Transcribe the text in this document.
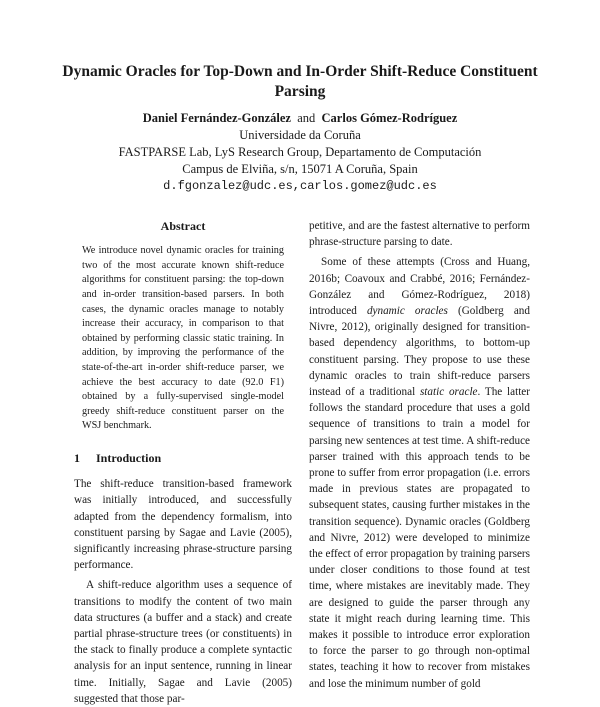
Dynamic Oracles for Top-Down and In-Order Shift-Reduce Constituent
Parsing
Daniel Fernández-González and Carlos Gómez-Rodríguez
Universidade da Coruña
FASTPARSE Lab, LyS Research Group, Departamento de Computación
Campus de Elviña, s/n, 15071 A Coruña, Spain
d.fgonzalez@udc.es,carlos.gomez@udc.es
Abstract
We introduce novel dynamic oracles for training two of the most accurate known shift-reduce algorithms for constituent parsing: the top-down and in-order transition-based parsers. In both cases, the dynamic oracles manage to notably increase their accuracy, in comparison to that obtained by performing classic static training. In addition, by improving the performance of the state-of-the-art in-order shift-reduce parser, we achieve the best accuracy to date (92.0 F1) obtained by a fully-supervised single-model greedy shift-reduce constituent parser on the WSJ benchmark.
1 Introduction

The shift-reduce transition-based framework was initially introduced, and successfully adapted from the dependency formalism, into constituent parsing by Sagae and Lavie (2005), significantly increasing phrase-structure parsing performance.

A shift-reduce algorithm uses a sequence of transitions to modify the content of two main data structures (a buffer and a stack) and create partial phrase-structure trees (or constituents) in the stack to finally produce a complete syntactic analysis for an input sentence, running in linear time. Initially, Sagae and Lavie (2005) suggested that those par-

petitive, and are the fastest alternative to perform phrase-structure parsing to date.

Some of these attempts (Cross and Huang, 2016b; Coavoux and Crabbé, 2016; Fernández-González and Gómez-Rodríguez, 2018) introduced dynamic oracles (Goldberg and Nivre, 2012), originally designed for transition-based dependency algorithms, to bottom-up constituent parsing. They propose to use these dynamic oracles to train shift-reduce parsers instead of a traditional static oracle. The latter follows the standard procedure that uses a gold sequence of transitions to train a model for parsing new sentences at test time. A shift-reduce parser trained with this approach tends to be prone to suffer from error propagation (i.e. errors made in previous states are propagated to subsequent states, causing further mistakes in the transition sequence). Dynamic oracles (Goldberg and Nivre, 2012) were developed to minimize the effect of error propagation by training parsers under closer conditions to those found at test time, where mistakes are inevitably made. They are designed to guide the parser through any state it might reach during learning time. This makes it possible to introduce error exploration to force the parser to go through non-optimal states, teaching it how to recover from mistakes and lose the minimum number of gold
